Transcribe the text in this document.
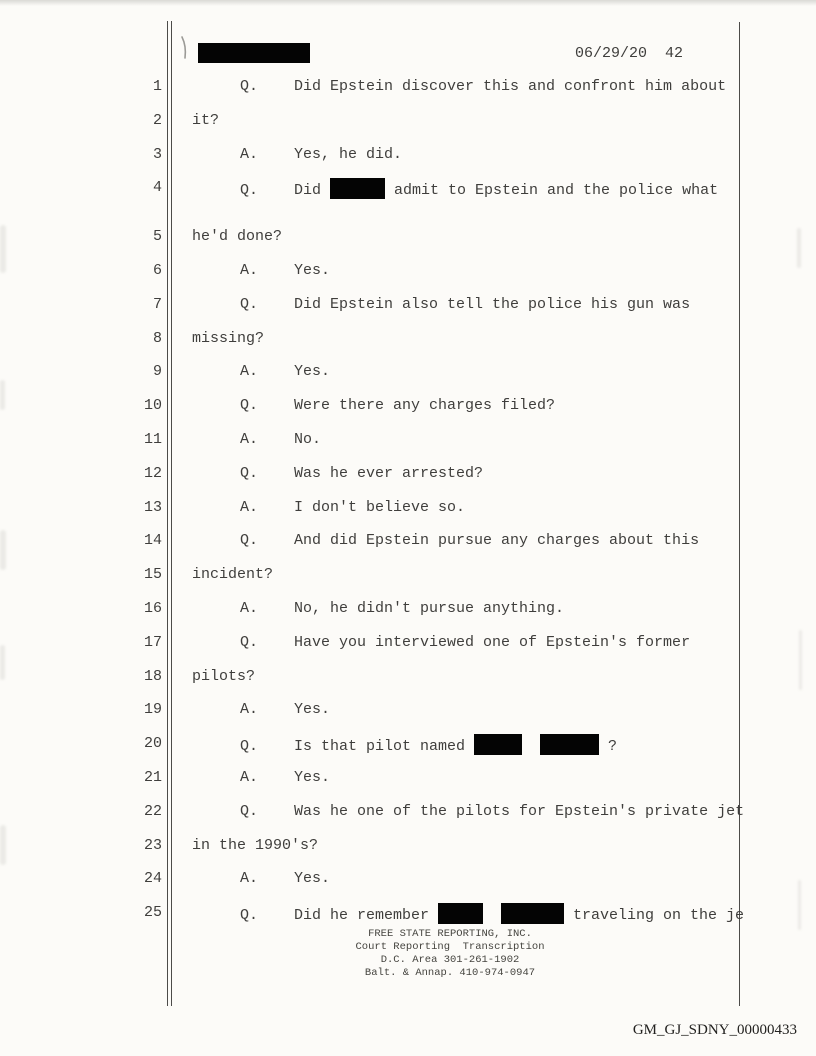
06/29/20 42
1	Q. Did Epstein discover this and confront him about
2 it?
3	A. Yes, he did.
4	Q. Did	admit to Epstein and the police what
5 he'd done?
6	A. Yes.
7	Q. Did Epstein also tell the police his gun was
8 missing?
9	A. Yes.
10	Q. Were there any charges filed?
11	A. No.
12	Q. Was he ever arrested?
13	A. I don't believe so.
14	Q. And did Epstein pursue any charges about this
15 incident?
16	A. No, he didn't pursue anything.
17	Q. Have you interviewed one of Epstein's former
18 pilots?
19	A. Yes.
20	Q. Is that pilot named	?
21	A. Yes.
22	Q. Was he one of the pilots for Epstein's private jet
23 in the 1990's?
24	A. Yes.
25	Q. Did he remember	traveling on the je
FREE STATE REPORTING, INC.
Court Reporting  Transcription
D.C. Area 301-261-1902
Balt. & Annap. 410-974-0947
GM_GJ_SDNY_00000433
